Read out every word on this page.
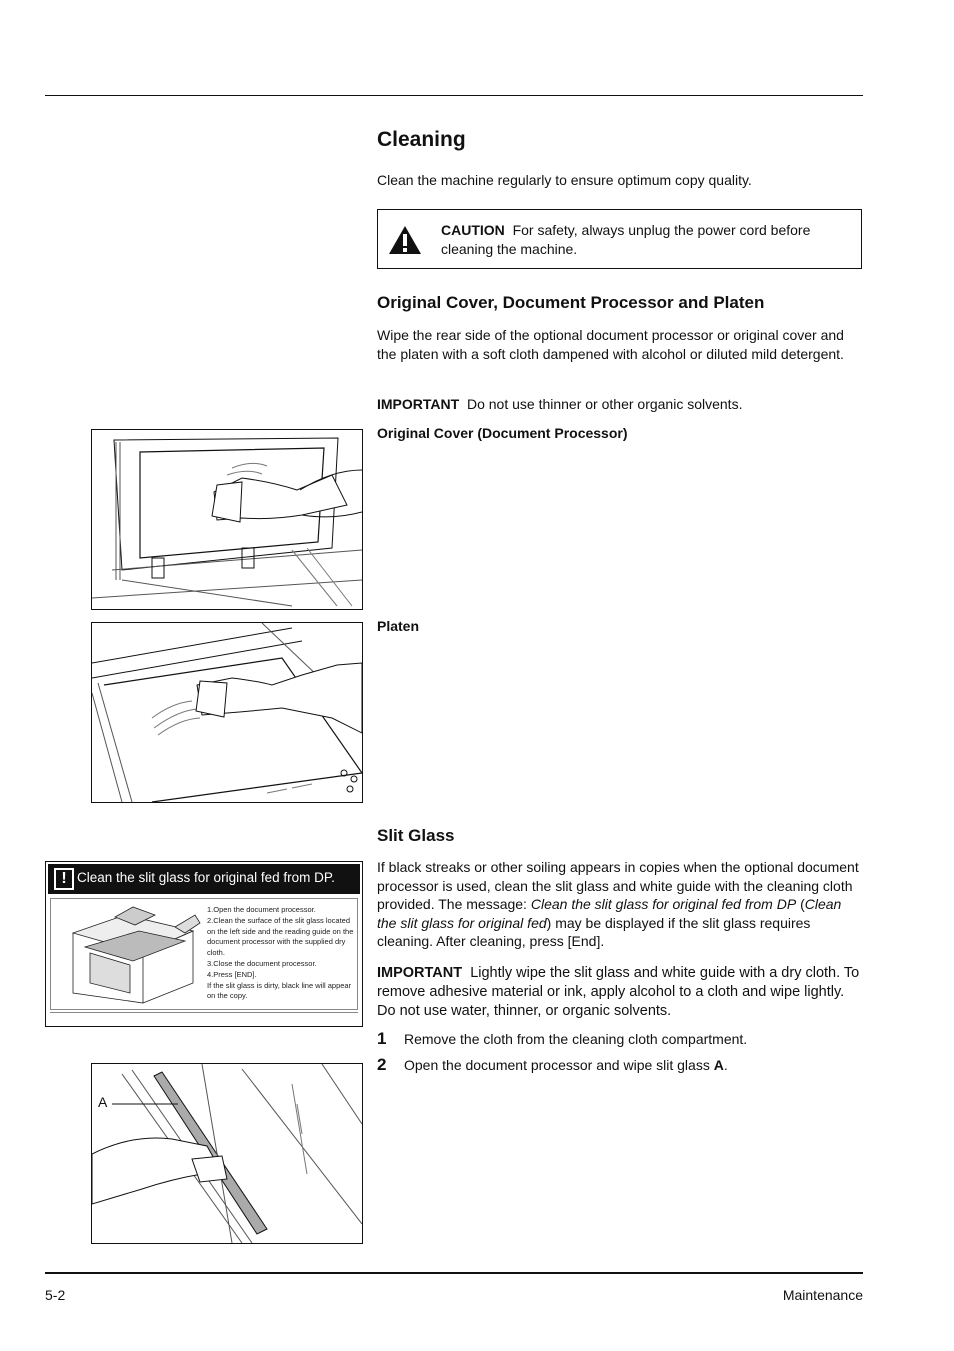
Cleaning

Clean the machine regularly to ensure optimum copy quality.

CAUTION For safety, always unplug the power cord before cleaning the machine.
Original Cover, Document Processor and Platen

Wipe the rear side of the optional document processor or original cover and the platen with a soft cloth dampened with alcohol or diluted mild detergent.

IMPORTANT Do not use thinner or other organic solvents.

Original Cover (Document Processor)
Platen
Slit Glass

If black streaks or other soiling appears in copies when the optional document processor is used, clean the slit glass and white guide with the cleaning cloth provided. The message: Clean the slit glass for original fed from DP (Clean the slit glass for original fed) may be displayed if the slit glass requires cleaning. After cleaning, press [End].

IMPORTANT Lightly wipe the slit glass and white guide with a dry cloth. To remove adhesive material or ink, apply alcohol to a cloth and wipe lightly. Do not use water, thinner, or organic solvents.

1 Remove the cloth from the cleaning cloth compartment.
2 Open the document processor and wipe slit glass A.
! Clean the slit glass for original fed from DP.
1.Open the document processor.
2.Clean the surface of the slit glass located on the left side and the reading guide on the document processor with the supplied dry cloth.
3.Close the document processor.
4.Press [END].
If the slit glass is dirty, black line will appear on the copy.
A
5-2	Maintenance
